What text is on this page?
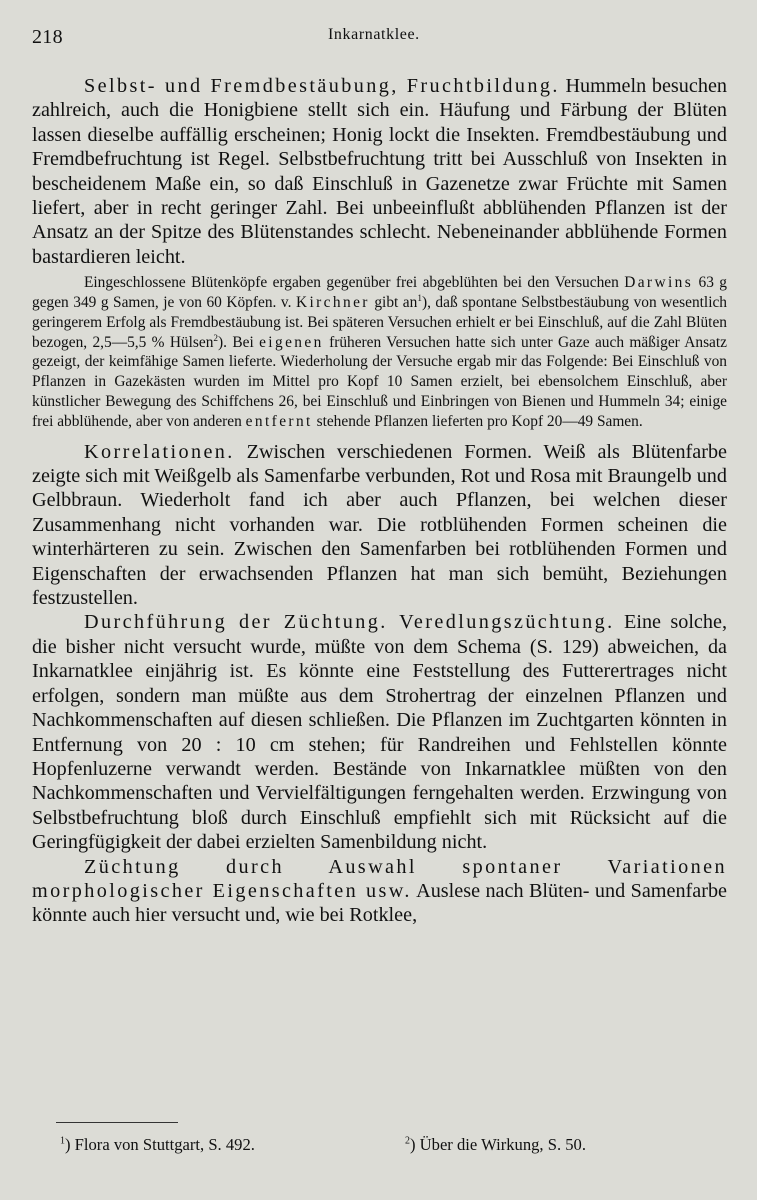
218	Inkarnatklee.

Selbst- und Fremdbestäubung, Fruchtbildung. Hummeln besuchen zahlreich, auch die Honigbiene stellt sich ein. Häufung und Färbung der Blüten lassen dieselbe auffällig erscheinen; Honig lockt die Insekten. Fremdbestäubung und Fremdbefruchtung ist Regel. Selbstbefruchtung tritt bei Ausschluß von Insekten in bescheidenem Maße ein, so daß Einschluß in Gazenetze zwar Früchte mit Samen liefert, aber in recht geringer Zahl. Bei unbeeinflußt abblühenden Pflanzen ist der Ansatz an der Spitze des Blütenstandes schlecht. Nebeneinander abblühende Formen bastardieren leicht.

Eingeschlossene Blütenköpfe ergaben gegenüber frei abgeblühten bei den Versuchen Darwins 63 g gegen 349 g Samen, je von 60 Köpfen. v. Kirchner gibt $an^1$), daß spontane Selbstbestäubung von wesentlich geringerem Erfolg als Fremdbestäubung ist. Bei späteren Versuchen erhielt er bei Einschluß, auf die Zahl Blüten bezogen, 2,5—5,5 % Hülsen$^2$). Bei eigenen früheren Versuchen hatte sich unter Gaze auch mäßiger Ansatz gezeigt, der keimfähige Samen lieferte. Wiederholung der Versuche ergab mir das Folgende: Bei Einschluß von Pflanzen in Gazekästen wurden im Mittel pro Kopf 10 Samen erzielt, bei ebensolchem Einschluß, aber künstlicher Bewegung des Schiffchens 26, bei Einschluß und Einbringen von Bienen und Hummeln 34; einige frei abblühende, aber von anderen entfernt stehende Pflanzen lieferten pro Kopf 20—49 Samen.

Korrelationen. Zwischen verschiedenen Formen. Weiß als Blütenfarbe zeigte sich mit Weißgelb als Samenfarbe verbunden, Rot und Rosa mit Braungelb und Gelbbraun. Wiederholt fand ich aber auch Pflanzen, bei welchen dieser Zusammenhang nicht vorhanden war. Die rotblühenden Formen scheinen die winterhärteren zu sein. Zwischen den Samenfarben bei rotblühenden Formen und Eigenschaften der erwachsenden Pflanzen hat man sich bemüht, Beziehungen festzustellen.

Durchführung der Züchtung. Veredlungszüchtung. Eine solche, die bisher nicht versucht wurde, müßte von dem Schema (S. 129) abweichen, da Inkarnatklee einjährig ist. Es könnte eine Feststellung des Futterertrages nicht erfolgen, sondern man müßte aus dem Strohertrag der einzelnen Pflanzen und Nachkommenschaften auf diesen schließen. Die Pflanzen im Zuchtgarten könnten in Entfernung von 20 : 10 cm stehen; für Randreihen und Fehlstellen könnte Hopfenluzerne verwandt werden. Bestände von Inkarnatklee müßten von den Nachkommenschaften und Vervielfältigungen ferngehalten werden. Erzwingung von Selbstbefruchtung bloß durch Einschluß empfiehlt sich mit Rücksicht auf die Geringfügigkeit der dabei erzielten Samenbildung nicht.

Züchtung durch Auswahl spontaner Variationen morphologischer Eigenschaften usw. Auslese nach Blüten- und Samenfarbe könnte auch hier versucht und, wie bei Rotklee,

$^1$) Flora von Stuttgart, S. 492.	$^2$) Über die Wirkung, S. 50.
